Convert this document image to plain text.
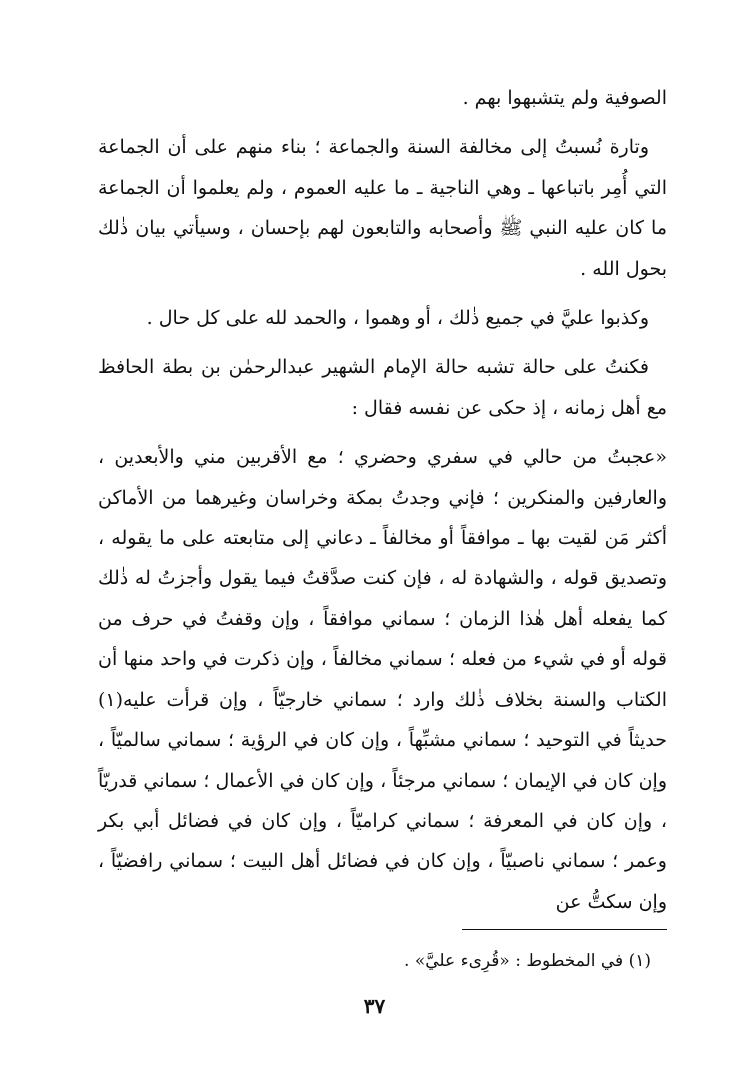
الصوفية ولم يتشبهوا بهم .

وتارة نُسبتُ إلى مخالفة السنة والجماعة ؛ بناء منهم على أن الجماعة التي أُمِر باتباعها ـ وهي الناجية ـ ما عليه العموم ، ولم يعلموا أن الجماعة ما كان عليه النبي ﷺ وأصحابه والتابعون لهم بإحسان ، وسيأتي بيان ذٰلك بحول الله .

وكذبوا عليَّ في جميع ذٰلك ، أو وهموا ، والحمد لله على كل حال .

فكنتُ على حالة تشبه حالة الإمام الشهير عبدالرحمٰن بن بطة الحافظ مع أهل زمانه ، إذ حكى عن نفسه فقال :

«عجبتُ من حالي في سفري وحضري ؛ مع الأقربين مني والأبعدين ، والعارفين والمنكرين ؛ فإني وجدتُ بمكة وخراسان وغيرهما من الأماكن أكثر مَن لقيت بها ـ موافقاً أو مخالفاً ـ دعاني إلى متابعته على ما يقوله ، وتصديق قوله ، والشهادة له ، فإن كنت صدَّقتُ فيما يقول وأجزتُ له ذٰلك كما يفعله أهل هٰذا الزمان ؛ سماني موافقاً ، وإن وقفتُ في حرف من قوله أو في شيء من فعله ؛ سماني مخالفاً ، وإن ذكرت في واحد منها أن الكتاب والسنة بخلاف ذٰلك وارد ؛ سماني خارجيّاً ، وإن قرأت عليه(١) حديثاً في التوحيد ؛ سماني مشبِّهاً ، وإن كان في الرؤية ؛ سماني سالميّاً ، وإن كان في الإيمان ؛ سماني مرجئاً ، وإن كان في الأعمال ؛ سماني قدريّاً ، وإن كان في المعرفة ؛ سماني كراميّاً ، وإن كان في فضائل أبي بكر وعمر ؛ سماني ناصبيّاً ، وإن كان في فضائل أهل البيت ؛ سماني رافضيّاً ، وإن سكتُّ عن

(١) في المخطوط : «قُرِىء عليَّ» .
٣٧
